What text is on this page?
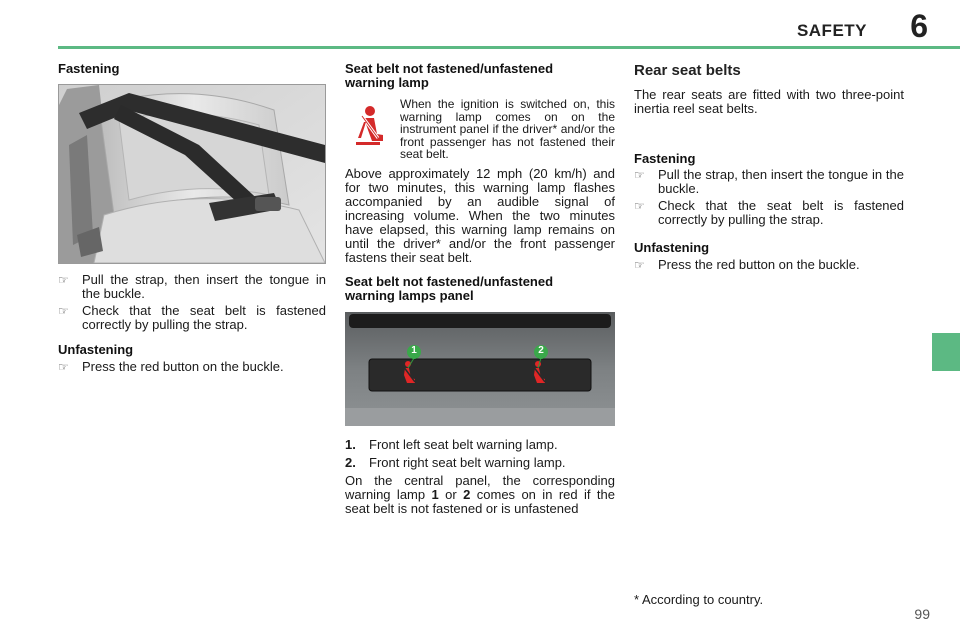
SAFETY 6
Fastening
☞	Pull the strap, then insert the tongue in the buckle.
☞	Check that the seat belt is fastened correctly by pulling the strap.
Unfastening
☞	Press the red button on the buckle.
Seat belt not fastened/unfastened warning lamp
When the ignition is switched on, this warning lamp comes on on the instrument panel if the driver* and/or the front passenger has not fastened their seat belt.
Above approximately 12 mph (20 km/h) and for two minutes, this warning lamp flashes accompanied by an audible signal of increasing volume. When the two minutes have elapsed, this warning lamp remains on until the driver* and/or the front passenger fastens their seat belt.
Seat belt not fastened/unfastened warning lamps panel
1	2
1.	Front left seat belt warning lamp.
2.	Front right seat belt warning lamp.
On the central panel, the corresponding warning lamp 1 or 2 comes on in red if the seat belt is not fastened or is unfastened
Rear seat belts
The rear seats are fitted with two three-point inertia reel seat belts.
Fastening
☞	Pull the strap, then insert the tongue in the buckle.
☞	Check that the seat belt is fastened correctly by pulling the strap.
Unfastening
☞	Press the red button on the buckle.
* According to country.
99
